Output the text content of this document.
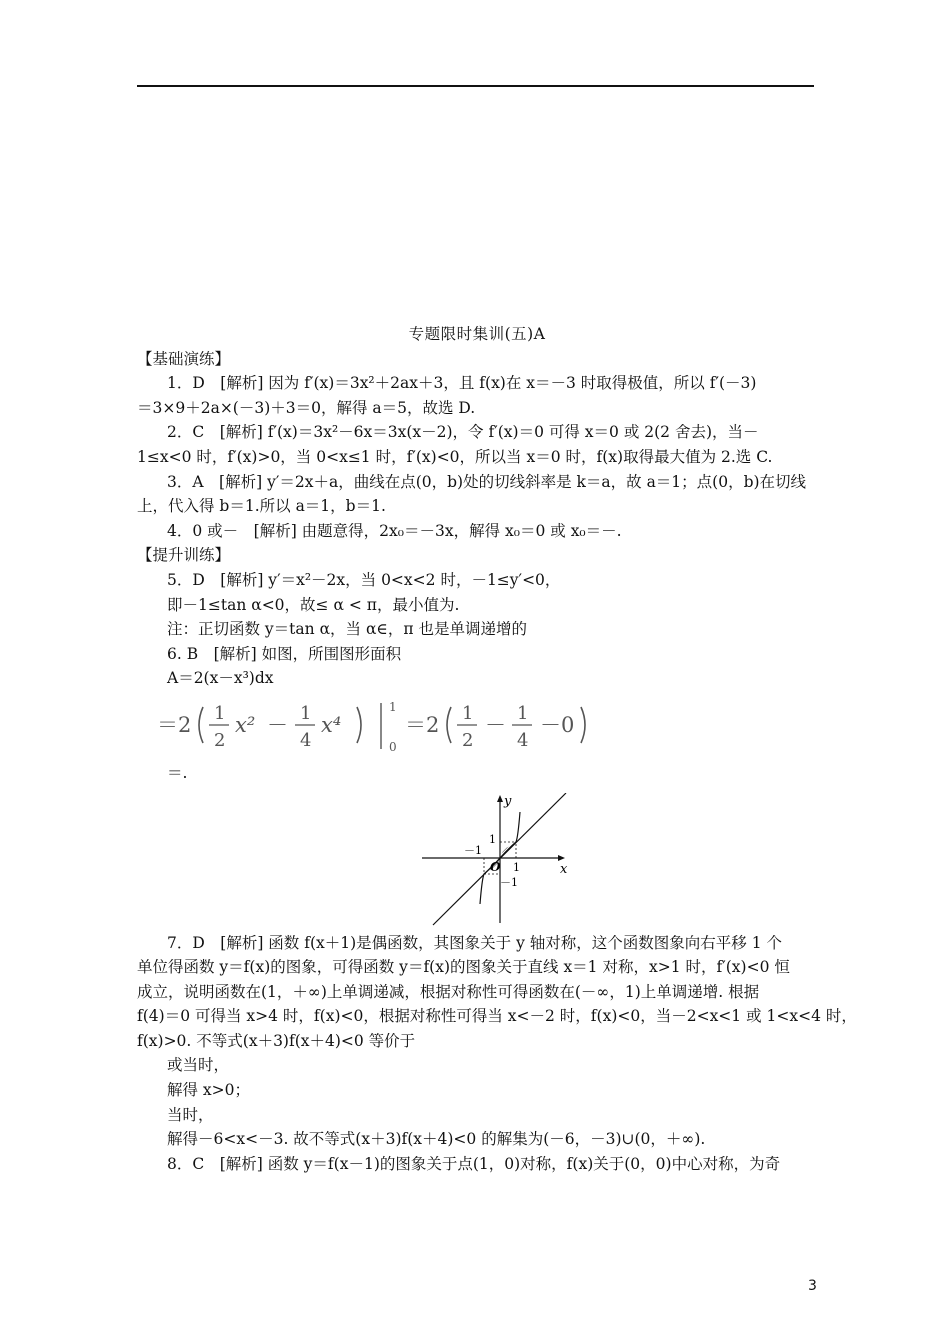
专题限时集训(五)A
【基础演练】
1．D　[解析] 因为 f′(x)＝3x²＋2ax＋3，且 f(x)在 x＝－3 时取得极值，所以 f′(－3)
＝3×9＋2a×(－3)＋3＝0，解得 a＝5，故选 D.
2．C　[解析] f′(x)＝3x²－6x＝3x(x－2)，令 f′(x)＝0 可得 x＝0 或 2(2 舍去)，当－
1≤x<0 时，f′(x)>0，当 0<x≤1 时，f′(x)<0，所以当 x＝0 时，f(x)取得最大值为 2.选 C.
3．A　[解析] y′＝2x＋a，曲线在点(0，b)处的切线斜率是 k＝a，故 a＝1；点(0，b)在切线
上，代入得 b＝1.所以 a＝1，b＝1.
4．0 或－　[解析] 由题意得，2x₀＝－3x，解得 x₀＝0 或 x₀＝－.
【提升训练】
5．D　[解析] y′＝x²－2x，当 0<x<2 时，－1≤y′<0，
即－1≤tan α<0，故≤ α < π，最小值为.
注：正切函数 y＝tan α，当 α∈，π 也是单调递增的
6. B　[解析] 如图，所围图形面积
A＝2(x－x³)dx
＝2 1
2
x² － 1
4
x⁴
1
0
＝2 1
2
－ 1
4
－0
＝.
y
x
O 1
－1
1
－1
7．D　[解析] 函数 f(x＋1)是偶函数，其图象关于 y 轴对称，这个函数图象向右平移 1 个
单位得函数 y＝f(x)的图象，可得函数 y＝f(x)的图象关于直线 x＝1 对称，x>1 时，f′(x)<0 恒
成立，说明函数在(1，＋∞)上单调递减，根据对称性可得函数在(－∞，1)上单调递增. 根据
f(4)＝0 可得当 x>4 时，f(x)<0，根据对称性可得当 x<－2 时，f(x)<0，当－2<x<1 或 1<x<4 时，
f(x)>0. 不等式(x＋3)f(x＋4)<0 等价于
或当时，
解得 x>0；
当时，
解得－6<x<－3. 故不等式(x＋3)f(x＋4)<0 的解集为(－6，－3)∪(0，＋∞).
8．C　[解析] 函数 y＝f(x－1)的图象关于点(1，0)对称，f(x)关于(0，0)中心对称，为奇
3
